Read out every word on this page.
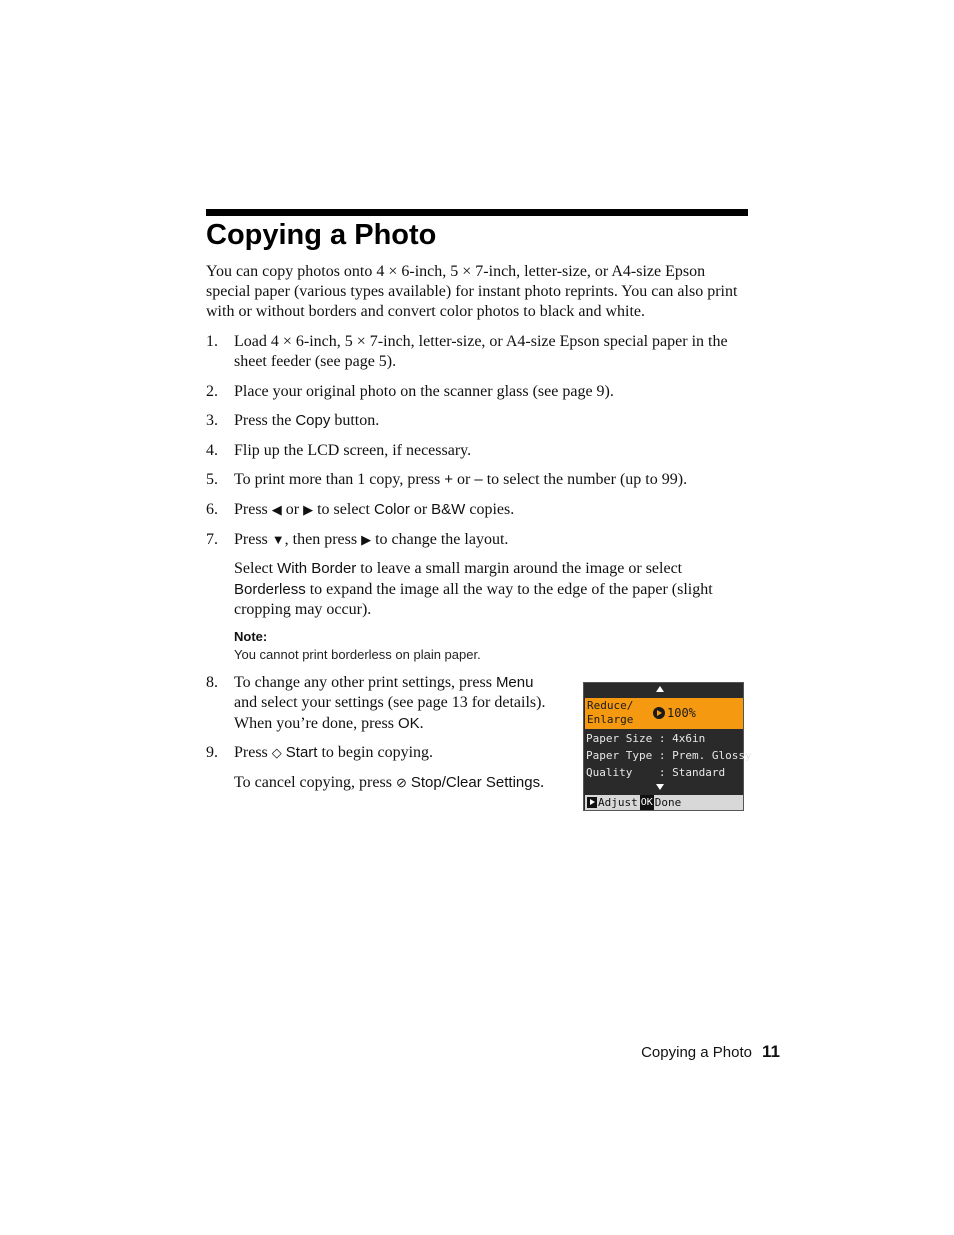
Copying a Photo

You can copy photos onto 4 × 6-inch, 5 × 7-inch, letter-size, or A4-size Epson special paper (various types available) for instant photo reprints. You can also print with or without borders and convert color photos to black and white.

1. Load 4 × 6-inch, 5 × 7-inch, letter-size, or A4-size Epson special paper in the
sheet feeder (see page 5).
2. Place your original photo on the scanner glass (see page 9).
3. Press the Copy button.
4. Flip up the LCD screen, if necessary.
5. To print more than 1 copy, press + or – to select the number (up to 99).
6. Press ◀ or ▶ to select Color or B&W copies.
7. Press ▼, then press ▶ to change the layout.
Select With Border to leave a small margin around the image or select
Borderless to expand the image all the way to the edge of the paper (slight
cropping may occur).
Note:
You cannot print borderless on plain paper.
8. To change any other print settings, press Menu
and select your settings (see page 13 for details).
When you’re done, press OK.
9. Press ◇ Start to begin copying.
To cancel copying, press ⊘ Stop/Clear Settings.
Reduce/
Enlarge	100%
Paper Size : 4x6in
Paper Type : Prem. Glossy
Quality    : Standard
Adjust OK Done
Copying a Photo 11
